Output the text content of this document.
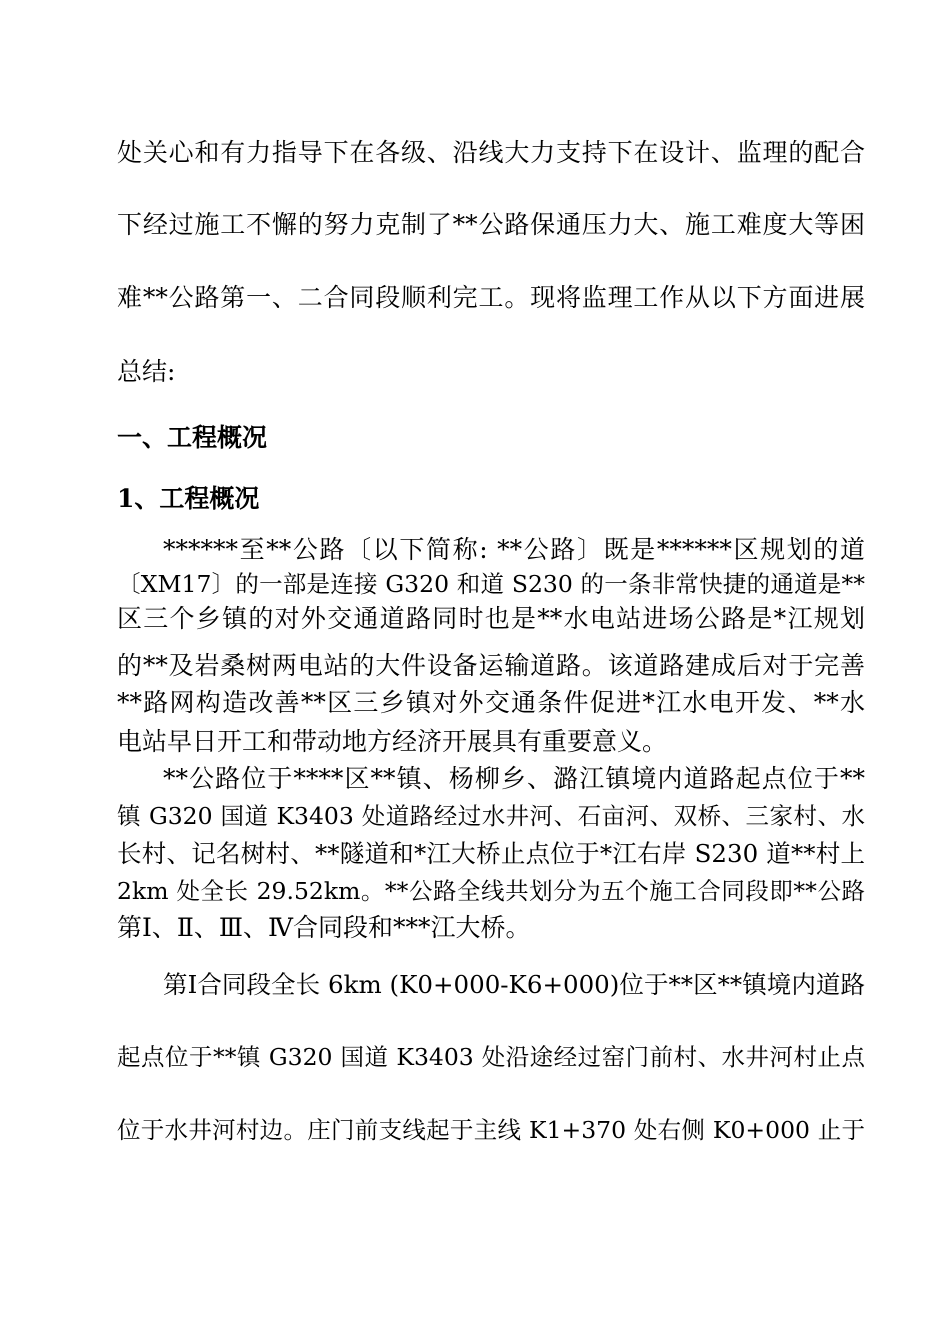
处关心和有力指导下在各级、沿线大力支持下在设计、监理的配合
下经过施工不懈的努力克制了**公路保通压力大、施工难度大等困
难**公路第一、二合同段顺利完工。现将监理工作从以下方面进展
总结:
一、工程概况
1、工程概况
******至**公路〔以下简称: **公路〕既是******区规划的道
〔XM17〕的一部是连接 G320 和道 S230 的一条非常快捷的通道是**
区三个乡镇的对外交通道路同时也是**水电站进场公路是*江规划
的**及岩桑树两电站的大件设备运输道路。该道路建成后对于完善
**路网构造改善**区三乡镇对外交通条件促进*江水电开发、**水
电站早日开工和带动地方经济开展具有重要意义。
**公路位于****区**镇、杨柳乡、潞江镇境内道路起点位于**
镇 G320 国道 K3403 处道路经过水井河、石亩河、双桥、三家村、水
长村、记名树村、**隧道和*江大桥止点位于*江右岸 S230 道**村上
2km 处全长 29.52km。**公路全线共划分为五个施工合同段即**公路
第Ⅰ、Ⅱ、Ⅲ、Ⅳ合同段和***江大桥。
第Ⅰ合同段全长 6km (K0+000-K6+000)位于**区**镇境内道路
起点位于**镇 G320 国道 K3403 处沿途经过窑门前村、水井河村止点
位于水井河村边。庄门前支线起于主线 K1+370 处右侧 K0+000 止于
